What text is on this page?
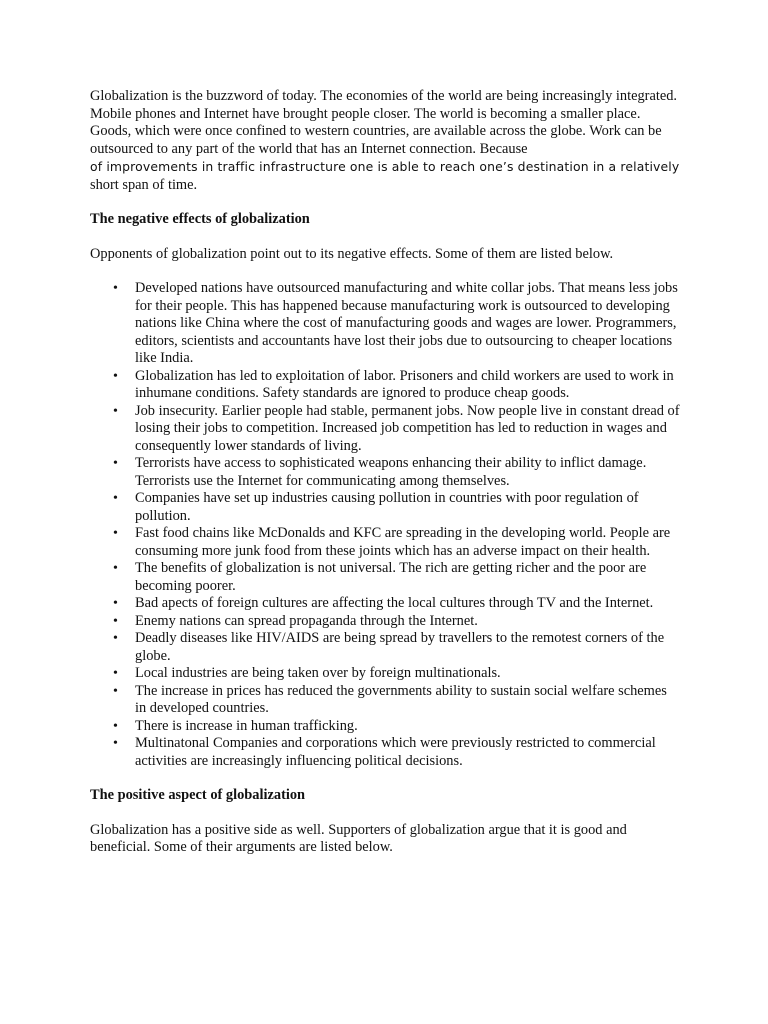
Globalization is the buzzword of today. The economies of the world are being increasingly integrated. Mobile phones and Internet have brought people closer. The world is becoming a smaller place. Goods, which were once confined to western countries, are available across the globe. Work can be outsourced to any part of the world that has an Internet connection. Because
of improvements in traffic infrastructure one is able to reach one’s destination in a relatively
short span of time.

The negative effects of globalization

Opponents of globalization point out to its negative effects. Some of them are listed below.

• Developed nations have outsourced manufacturing and white collar jobs. That means less jobs for their people. This has happened because manufacturing work is outsourced to developing nations like China where the cost of manufacturing goods and wages are lower. Programmers, editors, scientists and accountants have lost their jobs due to outsourcing to cheaper locations like India.
• Globalization has led to exploitation of labor. Prisoners and child workers are used to work in inhumane conditions. Safety standards are ignored to produce cheap goods.
• Job insecurity. Earlier people had stable, permanent jobs. Now people live in constant dread of losing their jobs to competition. Increased job competition has led to reduction in wages and consequently lower standards of living.
• Terrorists have access to sophisticated weapons enhancing their ability to inflict damage. Terrorists use the Internet for communicating among themselves.
• Companies have set up industries causing pollution in countries with poor regulation of pollution.
• Fast food chains like McDonalds and KFC are spreading in the developing world. People are consuming more junk food from these joints which has an adverse impact on their health.
• The benefits of globalization is not universal. The rich are getting richer and the poor are becoming poorer.
• Bad apects of foreign cultures are affecting the local cultures through TV and the Internet.
• Enemy nations can spread propaganda through the Internet.
• Deadly diseases like HIV/AIDS are being spread by travellers to the remotest corners of the globe.
• Local industries are being taken over by foreign multinationals.
• The increase in prices has reduced the governments ability to sustain social welfare schemes in developed countries.
• There is increase in human trafficking.
• Multinatonal Companies and corporations which were previously restricted to commercial activities are increasingly influencing political decisions.

The positive aspect of globalization

Globalization has a positive side as well. Supporters of globalization argue that it is good and beneficial. Some of their arguments are listed below.
